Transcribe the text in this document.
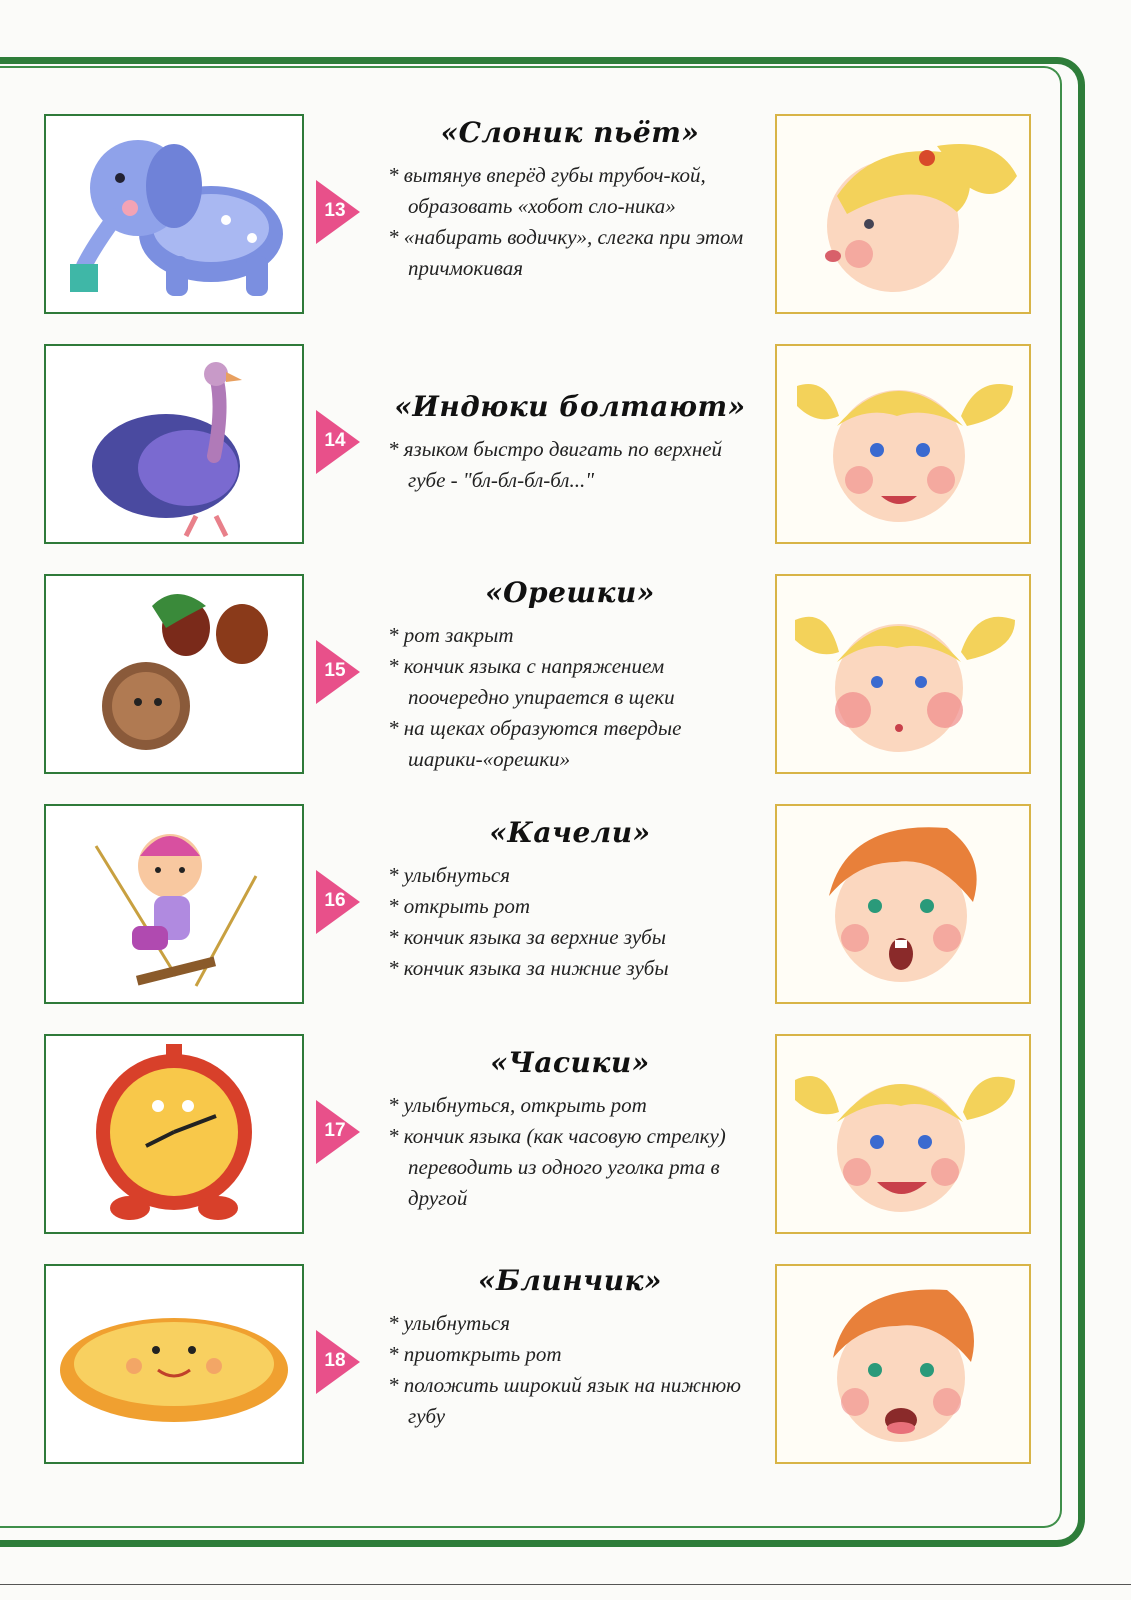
13
«Слоник пьёт»
* вытянув вперёд губы трубоч-кой, образовать «хобот сло-ника»
* «набирать водичку», слегка при этом причмокивая
14
«Индюки болтают»
* языком быстро двигать по верхней губе - "бл-бл-бл-бл..."
15
«Орешки»
* рот закрыт
* кончик языка с напряжением поочередно упирается в щеки
* на щеках образуются твердые шарики-«орешки»
16
«Качели»
* улыбнуться
* открыть рот
* кончик языка за верхние зубы
* кончик языка за нижние зубы
17
«Часики»
* улыбнуться, открыть рот
* кончик языка (как часовую стрелку) переводить из одного уголка рта в другой
18
«Блинчик»
* улыбнуться
* приоткрыть рот
* положить широкий язык на нижнюю губу
